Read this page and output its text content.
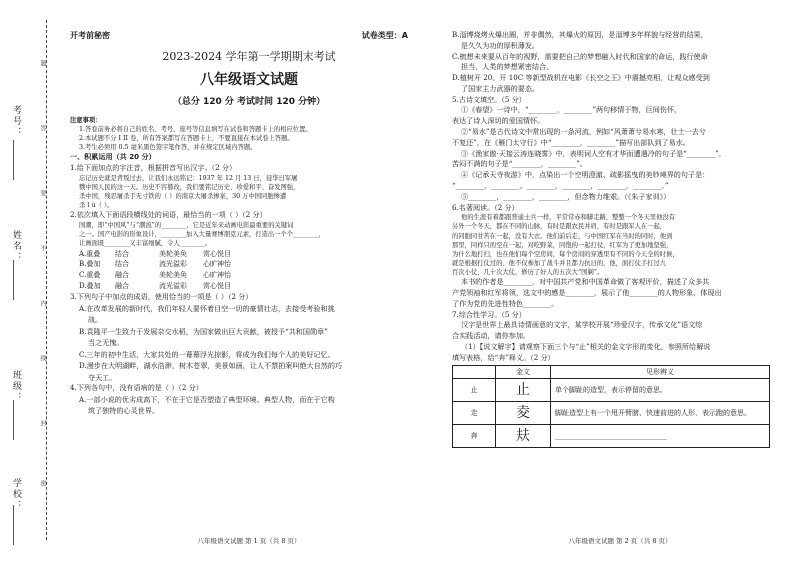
考号：
姓名：
班级：
学校：
题
答
要
不
内
线
封
密
开考前秘密	试卷类型：A
2023-2024 学年第一学期期末考试
八年级语文试题
（总分 120 分 考试时间 120 分钟）

注意事项：

1.答卷前务必将自己的姓名、考号、座号等信息填写在试卷和答题卡上的相应位置。

2.本试题不分 I II 卷，所有答案都写在答题卡上，不要直接在本试卷上答题。

3.考生必须用 0.5 毫米黑色签字笔作答，并在规定区域内答题。

一、积累运用（共 20 分）

1.给下面加点的字注音，根据拼音写出汉字。（2 分）

忘记历史就是背叛过去，让我们永远铭记：1937 年 12 月 13 日，侵华日军屠

戮中国人民的这一天。历史不容篡改，我们要铭记历史、珍爱和平、奋发图强，

杀中国，残忍屠杀手无寸铁的（ ）的南京大屠杀惨案，30 万中国同胞惨遭

杀ｌù（ ）。

2.依次填入下面语段横线处的词语，最恰当的一项（ ）（2 分）

国潮，即“中国风”与“潮流”的________，它是近年来动画电影最重要的关键词

之一。国产电影的形象设计，________加入大量赛博朋克元素，打造出一个个________，

让画面既________又丰富细腻，令人________。

A.重叠	结合	美轮美奂	赏心悦目
B.叠加	结合	流光溢彩	心旷神怡
C.重叠	融合	美轮美奂	心旷神怡
D.叠加	融合	流光溢彩	赏心悦目

3.下列句子中加点的成语，使用恰当的一项是（ ）（2 分）

A.在改革发展的新时代，我们年轻人要怀着目空一切的豪情壮志，去接受考验和挑

战。

B.袁隆平一生致力于发展杂交水稻，为国家做出巨大贡献，被授予“共和国勋章”

当之无愧。

C.三年的初中生活，大家共处的一幕幕浮光掠影，将成为我们每个人的美好记忆。

D.漫步在大明湖畔，湖水浩渺，树木苍翠，美景如画，让人不禁拍案叫绝大自然的巧

夺天工。

4.下列各句中，没有语病的是（ ）（2 分）

A.一部小说的优劣成高下，不在于它是否塑造了典型环境、典型人物，而在于它构

筑了独特的心灵世界。

八年级语文试题 第 1 页（共 8 页）

B.淄博烧烤火爆出圈，并非偶然，其爆火的原因，是淄博多年样貌与经营的结果，

是久久为功的厚积薄发。

C.梳想未来要从百年的视野，需要把自己的梦想融入时代和国家的命运，践行使命

担当，人类的梦想紧密结合。

D.植树开 20、开 10C 等新型战机在电影《长空之王》中震撼亮相，让观众感受到

了国家主力武器的要态。

5.古诗文填空。（5 分）

①《春望》一诗中，“________，________”两句移情于物，巨间伤怀，

表达了诗人深切的爱国情怀。

②“易水”是古代诗文中常出现的一条河流，例如“风萧萧兮易水寒，壮士一去兮

不复还”，在《雁门太守行》中“________，________”描写出部队到了易水。

③《渔家傲·天接云涛连晓雾》中，表明词人空有才华而遭遇冷的句子是“________”，

苦闷不满的句子是“________，________”。

④《记承天寺夜游》中，点染出一个空明澄澈、疏影摇曳的美妙境界的句子是：

“________，________。________，________，________，________。”

⑤________，________，________，但念物力维艰。（《朱子家训》）

6.名著阅读。（2 分）

他的生涯有着都跟普通士兵一样，平常常赤和脚走路，整整一个冬天里他没有

另外一个冬天，都在不同的山脉，有时是跟农民并肩，有时是跟军人在一起，

的同胞同甘苦在一起，没有大衣。他们前后走，与中国红军在当时的同时，他到

那里，同样只的空在一起，对吃野菜，同饱的一起打仗，红军为了更加地坚强，

为什么地打扫，也在他们每个空房间，每个房间的穿透里有不同的今天全的时候，

就是根据打仗过的、他不仅参加了战斗并且都力抗日的，他，面打仗手打过九

百次小仗，几十次大仗，修历了好人的五次大“国剿”。

本书的作者是________，对中国共产党和中国革命做了客观评价，描述了众多共

产党领袖和红军将领，选文中的感是________，展示了他________的人物形象，体现出

了作为党的先进性特色________。

7.综合性学习。（5 分）

汉字是世界上最具诗情画意的文字，某学校开展“珍爱汉字，传承文化”语文综

合实践活动，请你参加。

（1）【说文解字】请观察下面三个与“止”相关的金文字形的变化，参照所给解说

填写表格，给“奔”释义。（2 分）

	金文	见形辨义
止	止	单个脚趾的造型，表示停留的意思。
走	夌	脚趾造型上有一个甩开臂膀、快速前进的人形，表示跑的意思。
奔	㚘	________________________________
八年级语文试题 第 2 页（共 8 页）
